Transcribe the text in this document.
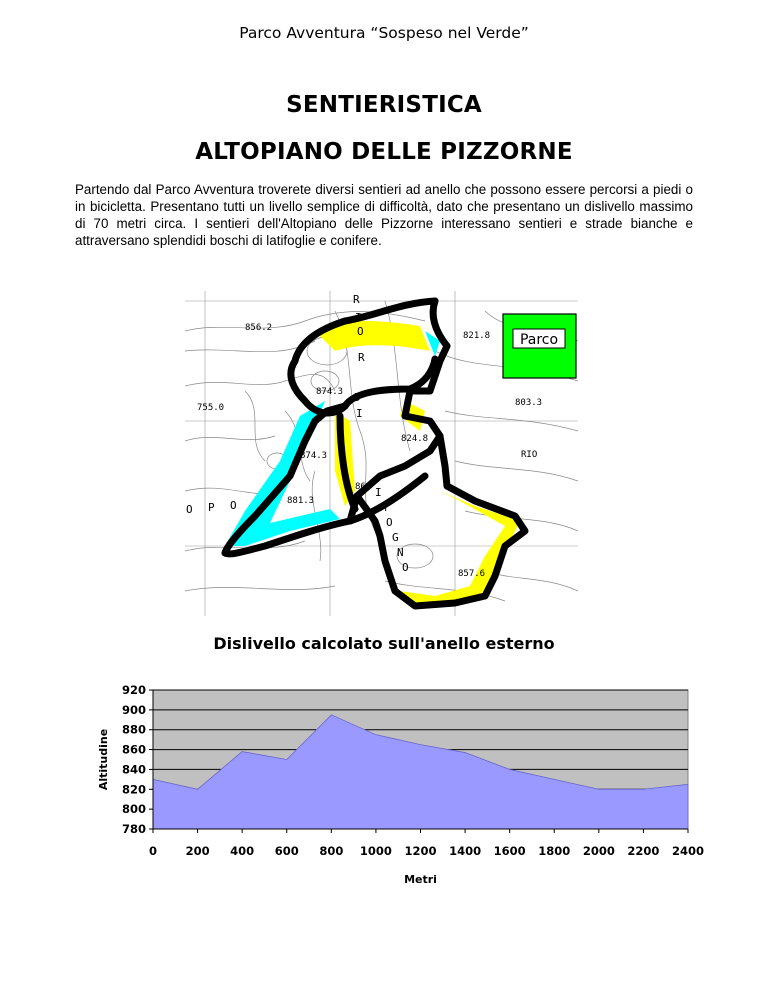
Parco Avventura “Sospeso nel Verde”
SENTIERISTICA
ALTOPIANO DELLE PIZZORNE
Partendo dal Parco Avventura troverete diversi sentieri ad anello che possono essere percorsi a piedi o in bicicletta. Presentano tutti un livello semplice di difficoltà, dato che presentano un dislivello massimo di 70 metri circa. I sentieri dell'Altopiano delle Pizzorne interessano sentieri e strade bianche e attraversano splendidi boschi di latifoglie e conifere.
Parco
856.2
821.8
874.3
755.0	803.3
824.8
874.3
868
881.3
857.6
R
I
O
R
D
I
I
M
O
G
N
O
O P O
RIO
Dislivello calcolato sull'anello esterno
780
800
820
840
860
880
900
920
0 200 400 600 800 1000 1200 1400 1600 1800 2000 2200 2400
Metri
Altitudine
